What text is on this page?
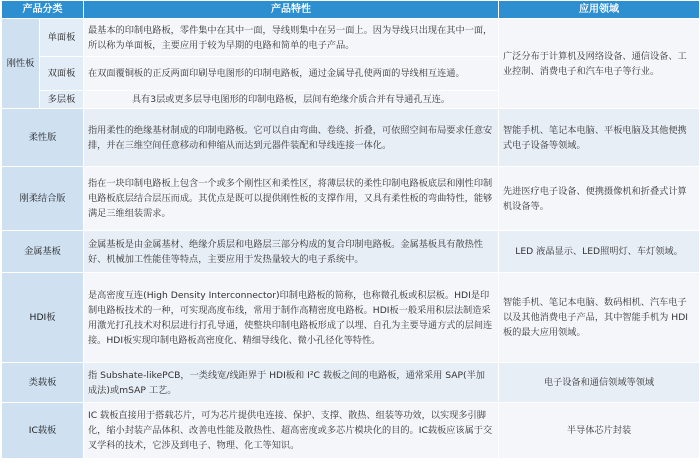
产品分类		产品特性	应用领域
刚性板	单面板	最基本的印制电路板，零件集中在其中一面，导线则集中在另一面上。因为导线只出现在其中一面，所以称为单面板，主要应用于较为早期的电路和简单的电子产品。	广泛分布于计算机及网络设备、通信设备、工业控制、消费电子和汽车电子等行业。
	双面板	在双面覆铜板的正反两面印刷导电图形的印制电路板，通过金属导孔使两面的导线相互连通。	
	多层板	具有3层或更多层导电图形的印制电路板，层间有绝缘介质合并有导通孔互连。	
柔性版		指用柔性的绝缘基材制成的印制电路板。它可以自由弯曲、卷绕、折叠，可依照空间布局要求任意安排，并在三维空间任意移动和伸缩从而达到元器件装配和导线连接一体化。	智能手机、笔记本电脑、平板电脑及其他便携式电子设备等领域。
刚柔结合版		指在一块印制电路板上包含一个或多个刚性区和柔性区，将薄层状的柔性印制电路板底层和刚性印制电路板底层结合层压而成。其优点是既可以提供刚性板的支撑作用，又具有柔性板的弯曲特性，能够满足三维组装需求。	先进医疗电子设备、便携摄像机和折叠式计算机设备等。
金属基板		金属基板是由金属基材、绝缘介质层和电路层三部分构成的复合印制电路板。金属基板具有散热性好、机械加工性能佳等特点，主要应用于发热量较大的电子系统中。	LED 液晶显示、LED照明灯、车灯领域。
HDI板		是高密度互连(High Density Interconnector)印制电路板的简称，也称微孔板或积层板。HDI是印制电路板技术的一种，可实现高度布线，常用于制作高精密度电路板。HDI板一般采用积层法制造采用激光打孔技术对积层进行打孔导通，使整块印制电路板形成了以埋、自孔为主要导通方式的层间连接。HDI板实现印制电路板高密度化、精细导线化、微小孔径化等特性。	智能手机、笔记本电脑、数码相机、汽车电子以及其他消费电子产品，其中智能手机为 HDI 板的最大应用领域。
类载板		指 Subshate-likePCB，一类线宽/线距界于 HDI板和 I²C 载板之间的电路板，通常采用 SAP(半加成法)或mSAP 工艺。	电子设备和通信领域等领域
IC载板		IC 载板直接用于搭载芯片，可为芯片提供电连接、保护、支撑、散热、组装等功效，以实现多引脚化，缩小封装产品体积、改善电性能及散热性、超高密度或多芯片模块化的目的。IC载板应该属于交叉学科的技术，它涉及到电子、物理、化工等知识。	半导体芯片封装
